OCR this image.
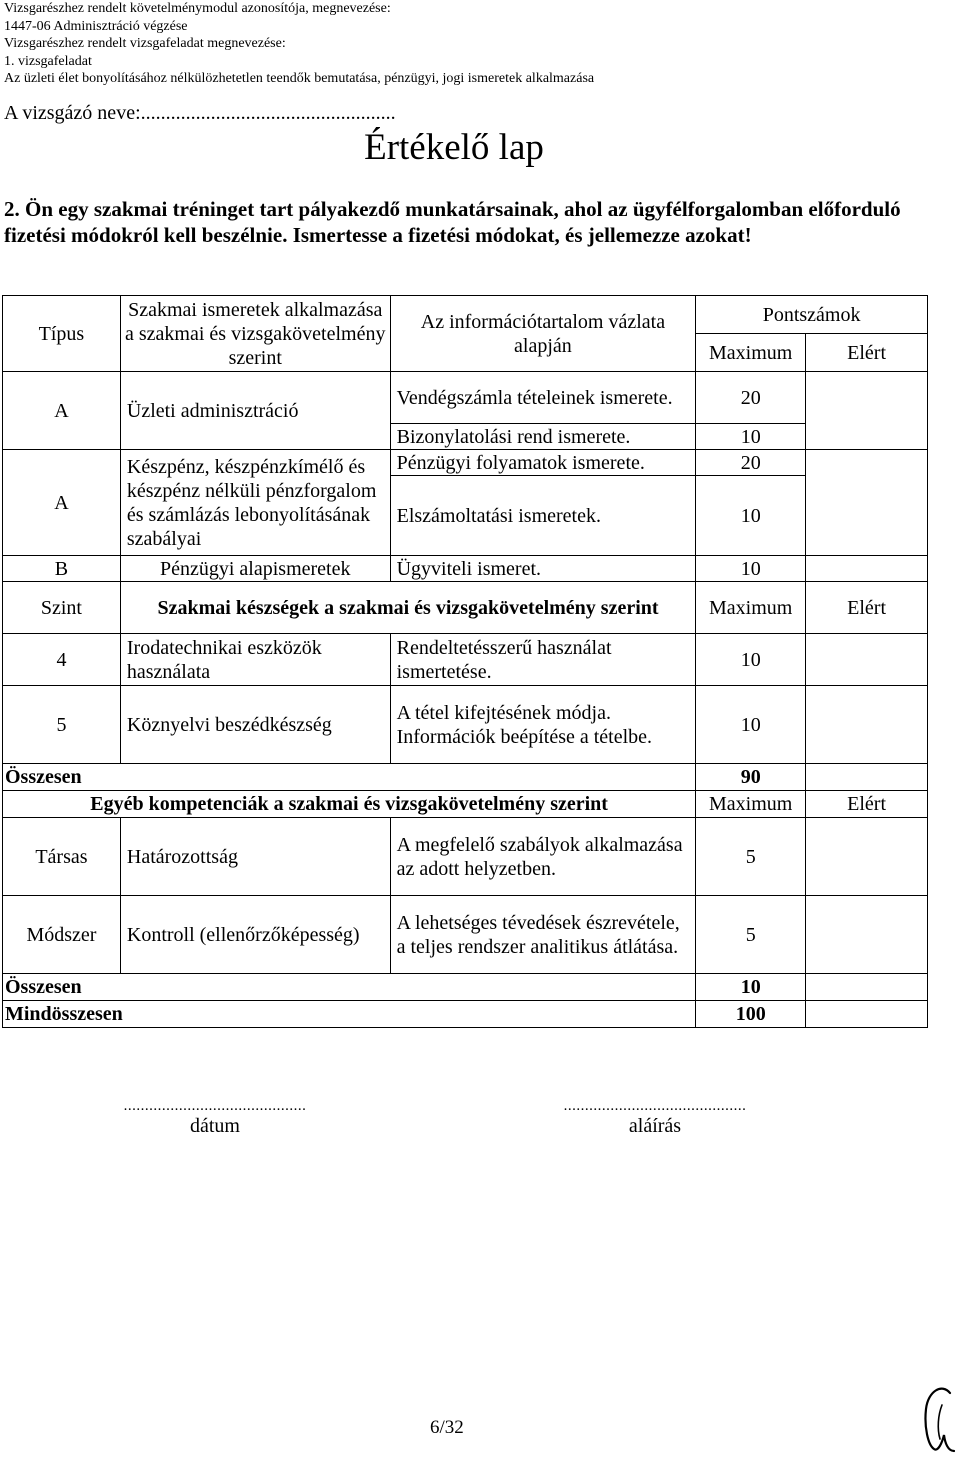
Vizsgarészhez rendelt követelménymodul azonosítója, megnevezése:
1447-06 Adminisztráció végzése
Vizsgarészhez rendelt vizsgafeladat megnevezése:
1. vizsgafeladat
Az üzleti élet bonyolításához nélkülözhetetlen teendők bemutatása, pénzügyi, jogi ismeretek alkalmazása
A vizsgázó neve:...................................................
Értékelő lap
2. Ön egy szakmai tréninget tart pályakezdő munkatársainak, ahol az ügyfélforgalomban előforduló fizetési módokról kell beszélnie. Ismertesse a fizetési módokat, és jellemezze azokat!
Típus	Szakmai ismeretek alkalmazása a szakmai és vizsgakövetelmény szerint	Az információtartalom vázlata alapján	Pontszámok	
			Maximum	Elért
A	Üzleti adminisztráció	Vendégszámla tételeinek ismerete.	20	
		Bizonylatolási rend ismerete.	10	
A	Készpénz, készpénzkímélő és készpénz nélküli pénzforgalom és számlázás lebonyolításának szabályai	Pénzügyi folyamatok ismerete.	20	
		Elszámoltatási ismeretek.	10	
B	Pénzügyi alapismeretek	Ügyviteli ismeret.	10	
Szint	Szakmai készségek a szakmai és vizsgakövetelmény szerint		Maximum	Elért
4	Irodatechnikai eszközök használata	Rendeltetésszerű használat ismertetése.	10	
5	Köznyelvi beszédkészség	A tétel kifejtésének módja. Információk beépítése a tételbe.	10	
Összesen			90	
Egyéb kompetenciák a szakmai és vizsgakövetelmény szerint			Maximum	Elért
Társas	Határozottság	A megfelelő szabályok alkalmazása az adott helyzetben.	5	
Módszer	Kontroll (ellenőrzőképesség)	A lehetséges tévedések észrevétele, a teljes rendszer analitikus átlátása.	5	
Összesen			10	
Mindösszesen			100	
...........................................
dátum
...........................................
aláírás
6/32
